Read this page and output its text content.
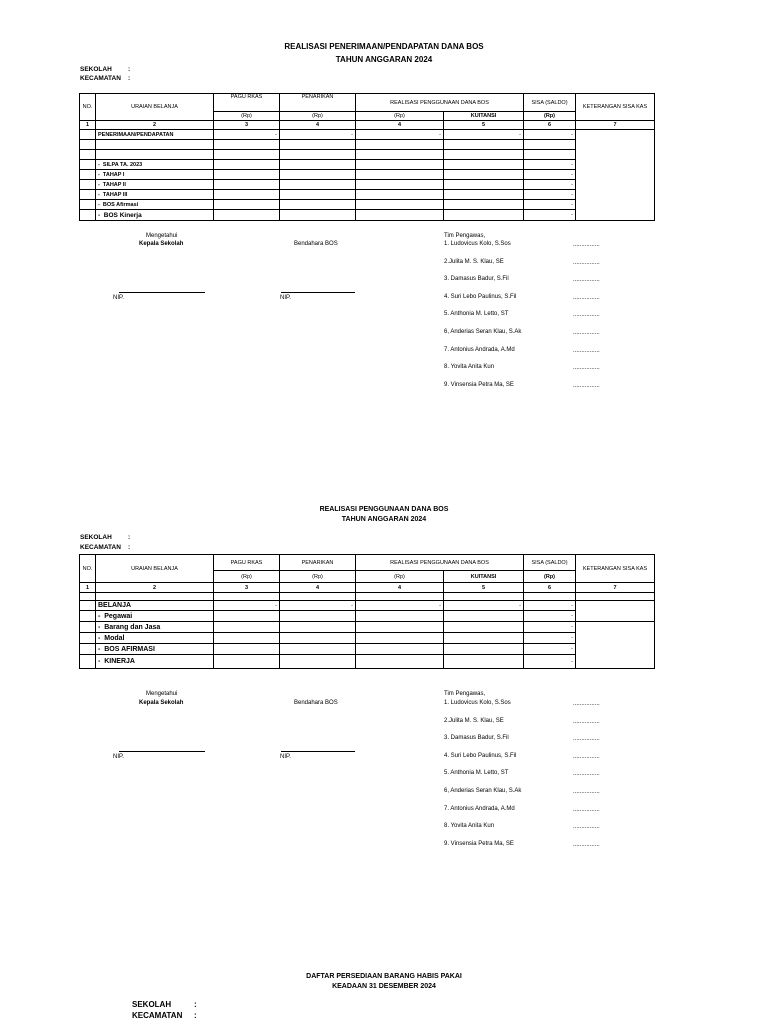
REALISASI PENERIMAAN/PENDAPATAN DANA BOS
TAHUN ANGGARAN 2024
SEKOLAH :
KECAMATAN :
NO.	URAIAN BELANJA	PAGU RKAS	PENARIKAN	REALISASI PENGGUNAAN DANA BOS		SISA (SALDO)	KETERANGAN SISA KAS
		(Rp)	(Rp)	(Rp)	KUITANSI	(Rp)	
1	2	3	4	4	5	6	7
	PENERIMAAN/PENDAPATAN	-	-	-	-	-	

	- SILPA TA. 2023					-	
	- TAHAP I					-	
	- TAHAP II					-	
	- TAHAP III					-	
	- BOS Afirmasi					-	
	- BOS Kinerja					-	
Mengetahui
Kepala Sekolah	Bendahara BOS
NIP.	NIP.
Tim Pengawas,
1. Ludovicus Kolo, S.Sos	................
2.Julita M. S. Klau, SE	................
3. Damasus Badur, S.Fil	................
4. Suri Lebo Paulinus, S.Fil	................
5. Anthonia M. Letto, ST	................
6, Anderias Seran Klau, S.Ak	................
7. Antonius Andrada, A.Md	................
8. Yovita Anita Kun	................
9. Vinsensia Petra Ma, SE	................
REALISASI PENGGUNAAN DANA BOS
TAHUN ANGGARAN 2024
SEKOLAH :
KECAMATAN :
NO.	URAIAN BELANJA	PAGU RKAS	PENARIKAN	REALISASI PENGGUNAAN DANA BOS		SISA (SALDO)	KETERANGAN SISA KAS
		(Rp)	(Rp)	(Rp)	KUITANSI	(Rp)	
1	2	3	4	4	5	6	7

	BELANJA	-	-	-	-	-	
	- Pegawai					-	
	- Barang dan Jasa					-	
	- Modal					-	
	- BOS AFIRMASI					-	
	- KINERJA					-	
Mengetahui
Kepala Sekolah	Bendahara BOS
NIP.	NIP.
Tim Pengawas,
1. Ludovicus Kolo, S.Sos	................
2.Julita M. S. Klau, SE	................
3. Damasus Badur, S.Fil	................
4. Suri Lebo Paulinus, S.Fil	................
5. Anthonia M. Letto, ST	................
6, Anderias Seran Klau, S.Ak	................
7. Antonius Andrada, A.Md	................
8. Yovita Anita Kun	................
9. Vinsensia Petra Ma, SE	................
DAFTAR PERSEDIAAN BARANG HABIS PAKAI
KEADAAN 31 DESEMBER 2024
SEKOLAH	:
KECAMATAN :
